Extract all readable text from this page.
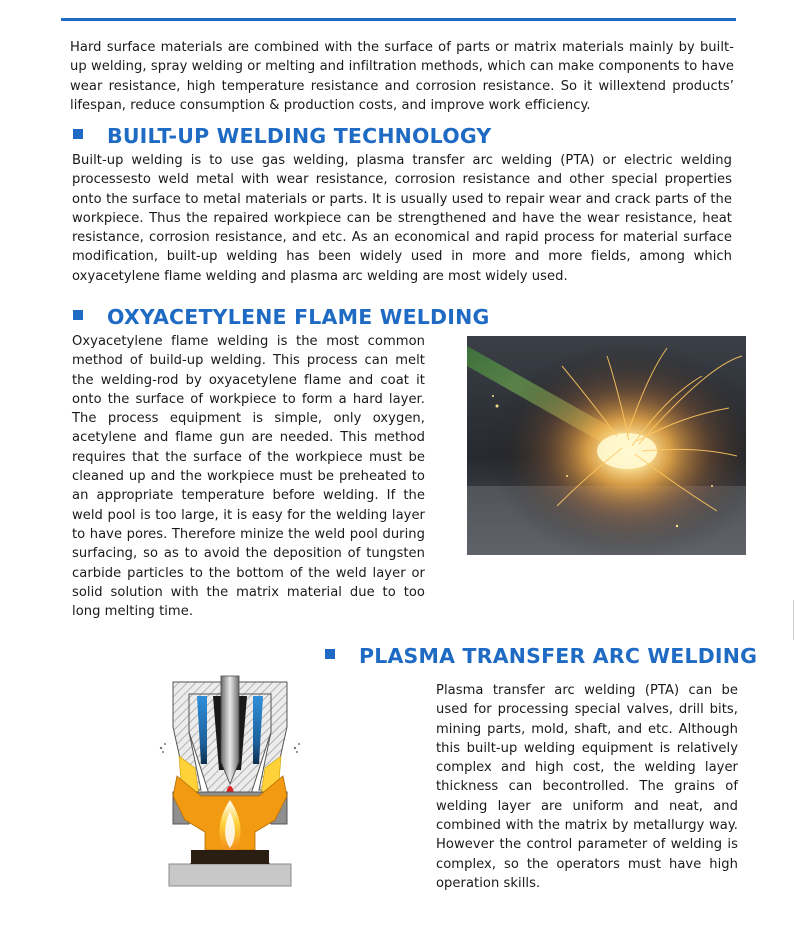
Hard surface materials are combined with the surface of parts or matrix materials mainly by built-up welding, spray welding or melting and infiltration methods, which can make components to have wear resistance, high temperature resistance and corrosion resistance. So it willextend products’ lifespan, reduce consumption & production costs, and improve work efficiency.

BUILT-UP WELDING TECHNOLOGY

Built-up welding is to use gas welding, plasma transfer arc welding (PTA) or electric welding processesto weld metal with wear resistance, corrosion resistance and other special properties onto the surface to metal materials or parts. It is usually used to repair wear and crack parts of the workpiece. Thus the repaired workpiece can be strengthened and have the wear resistance, heat resistance, corrosion resistance, and etc. As an economical and rapid process for material surface modification, built-up welding has been widely used in more and more fields, among which oxyacetylene flame welding and plasma arc welding are most widely used.

OXYACETYLENE FLAME WELDING

Oxyacetylene flame welding is the most common method of build-up welding. This process can melt the welding-rod by oxyacetylene flame and coat it onto the surface of workpiece to form a hard layer. The process equipment is simple, only oxygen, acetylene and flame gun are needed. This method requires that the surface of the workpiece must be cleaned up and the workpiece must be preheated to an appropriate temperature before welding. If the weld pool is too large, it is easy for the welding layer to have pores. Therefore minize the weld pool during surfacing, so as to avoid the deposition of tungsten carbide particles to the bottom of the weld layer or solid solution with the matrix material due to too long melting time.

PLASMA TRANSFER ARC WELDING

Plasma transfer arc welding (PTA) can be used for processing special valves, drill bits, mining parts, mold, shaft, and etc. Although this built-up welding equipment is relatively complex and high cost, the welding layer thickness can becontrolled. The grains of welding layer are uniform and neat, and combined with the matrix by metallurgy way. However the control parameter of welding is complex, so the operators must have high operation skills.
